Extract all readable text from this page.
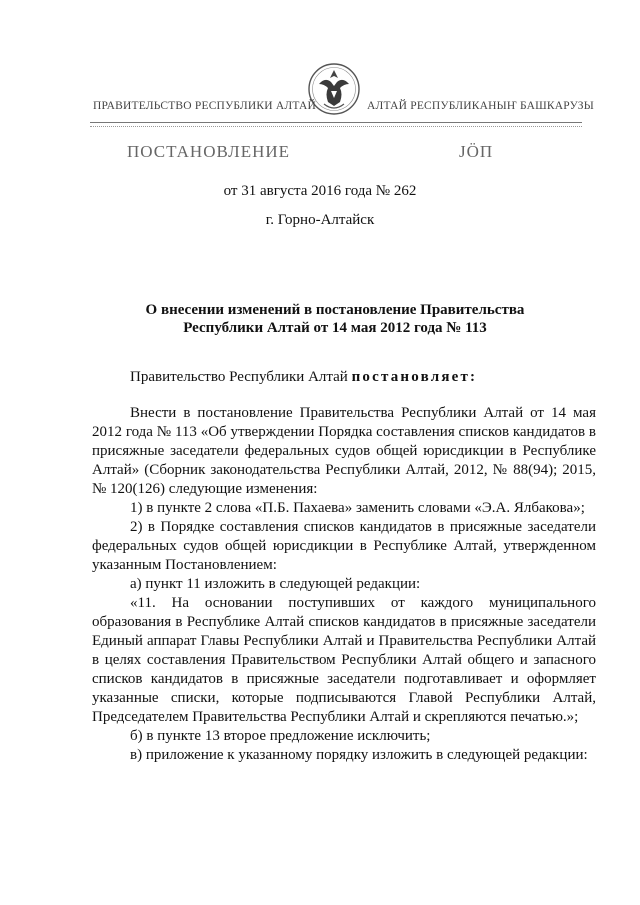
ПРАВИТЕЛЬСТВО РЕСПУБЛИКИ АЛТАЙ	АЛТАЙ РЕСПУБЛИКАНЫҤ БАШКАРУЗЫ
ПОСТАНОВЛЕНИЕ	ЈӦП
от 31 августа 2016 года № 262
г. Горно-Алтайск
О внесении изменений в постановление Правительства
Республики Алтай от 14 мая 2012 года № 113

Правительство Республики Алтай постановляет:

Внести в постановление Правительства Республики Алтай от 14 мая 2012 года № 113 «Об утверждении Порядка составления списков кандидатов в присяжные заседатели федеральных судов общей юрисдикции в Республике Алтай» (Сборник законодательства Республики Алтай, 2012, № 88(94); 2015, № 120(126) следующие изменения:

1) в пункте 2 слова «П.Б. Пахаева» заменить словами «Э.А. Ялбакова»;

2) в Порядке составления списков кандидатов в присяжные заседатели федеральных судов общей юрисдикции в Республике Алтай, утвержденном указанным Постановлением:

а) пункт 11 изложить в следующей редакции:

«11. На основании поступивших от каждого муниципального образования в Республике Алтай списков кандидатов в присяжные заседатели Единый аппарат Главы Республики Алтай и Правительства Республики Алтай в целях составления Правительством Республики Алтай общего и запасного списков кандидатов в присяжные заседатели подготавливает и оформляет указанные списки, которые подписываются Главой Республики Алтай, Председателем Правительства Республики Алтай и скрепляются печатью.»;

б) в пункте 13 второе предложение исключить;

в) приложение к указанному порядку изложить в следующей редакции:
